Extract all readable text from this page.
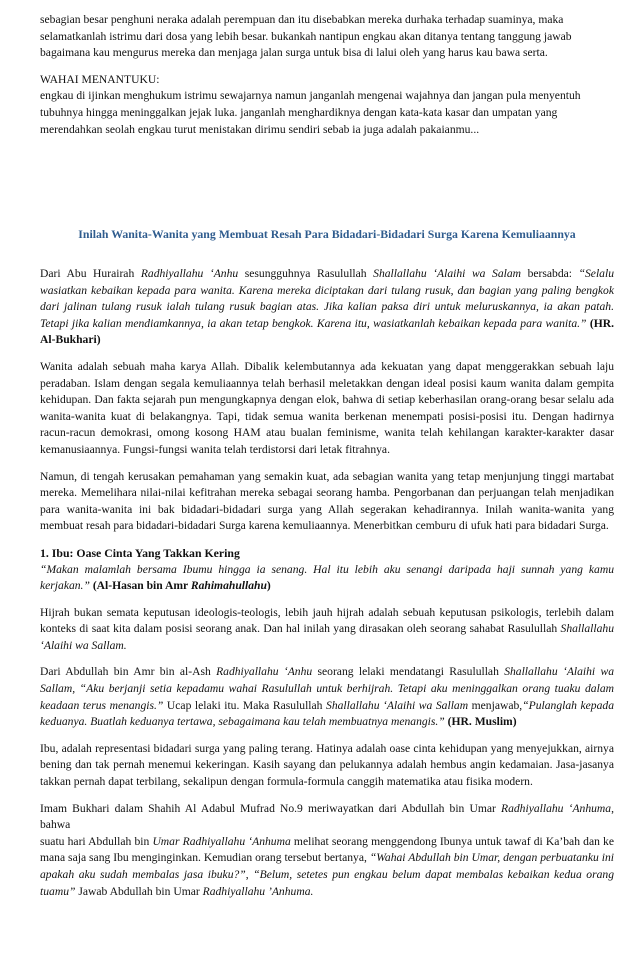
sebagian besar penghuni neraka adalah perempuan dan itu disebabkan mereka durhaka terhadap suaminya, maka selamatkanlah istrimu dari dosa yang lebih besar. bukankah nantipun engkau akan ditanya tentang tanggung jawab bagaimana kau mengurus mereka dan menjaga jalan surga untuk bisa di lalui oleh yang harus kau bawa serta.

WAHAI MENANTUKU:

engkau di ijinkan menghukum istrimu sewajarnya namun janganlah mengenai wajahnya dan jangan pula menyentuh tubuhnya hingga meninggalkan jejak luka. janganlah menghardiknya dengan kata-kata kasar dan umpatan yang merendahkan seolah engkau turut menistakan dirimu sendiri sebab ia juga adalah pakaianmu...

Inilah Wanita-Wanita yang Membuat Resah Para Bidadari-Bidadari Surga Karena Kemuliaannya

Dari Abu Hurairah Radhiyallahu ‘Anhu sesungguhnya Rasulullah Shallallahu ‘Alaihi wa Salam bersabda: “Selalu wasiatkan kebaikan kepada para wanita. Karena mereka diciptakan dari tulang rusuk, dan bagian yang paling bengkok dari jalinan tulang rusuk ialah tulang rusuk bagian atas. Jika kalian paksa diri untuk meluruskannya, ia akan patah. Tetapi jika kalian mendiamkannya, ia akan tetap bengkok. Karena itu, wasiatkanlah kebaikan kepada para wanita.” (HR. Al-Bukhari)

Wanita adalah sebuah maha karya Allah. Dibalik kelembutannya ada kekuatan yang dapat menggerakkan sebuah laju peradaban. Islam dengan segala kemuliaannya telah berhasil meletakkan dengan ideal posisi kaum wanita dalam gempita kehidupan. Dan fakta sejarah pun mengungkapnya dengan elok, bahwa di setiap keberhasilan orang-orang besar selalu ada wanita-wanita kuat di belakangnya. Tapi, tidak semua wanita berkenan menempati posisi-posisi itu. Dengan hadirnya racun-racun demokrasi, omong kosong HAM atau bualan feminisme, wanita telah kehilangan karakter-karakter dasar kemanusiaannya. Fungsi-fungsi wanita telah terdistorsi dari letak fitrahnya.

Namun, di tengah kerusakan pemahaman yang semakin kuat, ada sebagian wanita yang tetap menjunjung tinggi martabat mereka. Memelihara nilai-nilai kefitrahan mereka sebagai seorang hamba. Pengorbanan dan perjuangan telah menjadikan para wanita-wanita ini bak bidadari-bidadari surga yang Allah segerakan kehadirannya. Inilah wanita-wanita yang membuat resah para bidadari-bidadari Surga karena kemuliaannya. Menerbitkan cemburu di ufuk hati para bidadari Surga.

1. Ibu: Oase Cinta Yang Takkan Kering

“Makan malamlah bersama Ibumu hingga ia senang. Hal itu lebih aku senangi daripada haji sunnah yang kamu kerjakan.” (Al-Hasan bin Amr Rahimahullahu)

Hijrah bukan semata keputusan ideologis-teologis, lebih jauh hijrah adalah sebuah keputusan psikologis, terlebih dalam konteks di saat kita dalam posisi seorang anak. Dan hal inilah yang dirasakan oleh seorang sahabat Rasulullah Shallallahu ‘Alaihi wa Sallam.

Dari Abdullah bin Amr bin al-Ash Radhiyallahu ‘Anhu seorang lelaki mendatangi Rasulullah Shallallahu ‘Alaihi wa Sallam, “Aku berjanji setia kepadamu wahai Rasulullah untuk berhijrah. Tetapi aku meninggalkan orang tuaku dalam keadaan terus menangis.” Ucap lelaki itu. Maka Rasulullah Shallallahu ‘Alaihi wa Sallam menjawab,“Pulanglah kepada keduanya. Buatlah keduanya tertawa, sebagaimana kau telah membuatnya menangis.” (HR. Muslim)

Ibu, adalah representasi bidadari surga yang paling terang. Hatinya adalah oase cinta kehidupan yang menyejukkan, airnya bening dan tak pernah menemui kekeringan. Kasih sayang dan pelukannya adalah hembus angin kedamaian. Jasa-jasanya takkan pernah dapat terbilang, sekalipun dengan formula-formula canggih matematika atau fisika modern.

Imam Bukhari dalam Shahih Al Adabul Mufrad No.9 meriwayatkan dari Abdullah bin Umar Radhiyallahu ‘Anhuma, bahwa
suatu hari Abdullah bin Umar Radhiyallahu ‘Anhuma melihat seorang menggendong Ibunya untuk tawaf di Ka’bah dan ke mana saja sang Ibu menginginkan. Kemudian orang tersebut bertanya, “Wahai Abdullah bin Umar, dengan perbuatanku ini apakah aku sudah membalas jasa ibuku?”, “Belum, setetes pun engkau belum dapat membalas kebaikan kedua orang tuamu” Jawab Abdullah bin Umar Radhiyallahu ’Anhuma.
